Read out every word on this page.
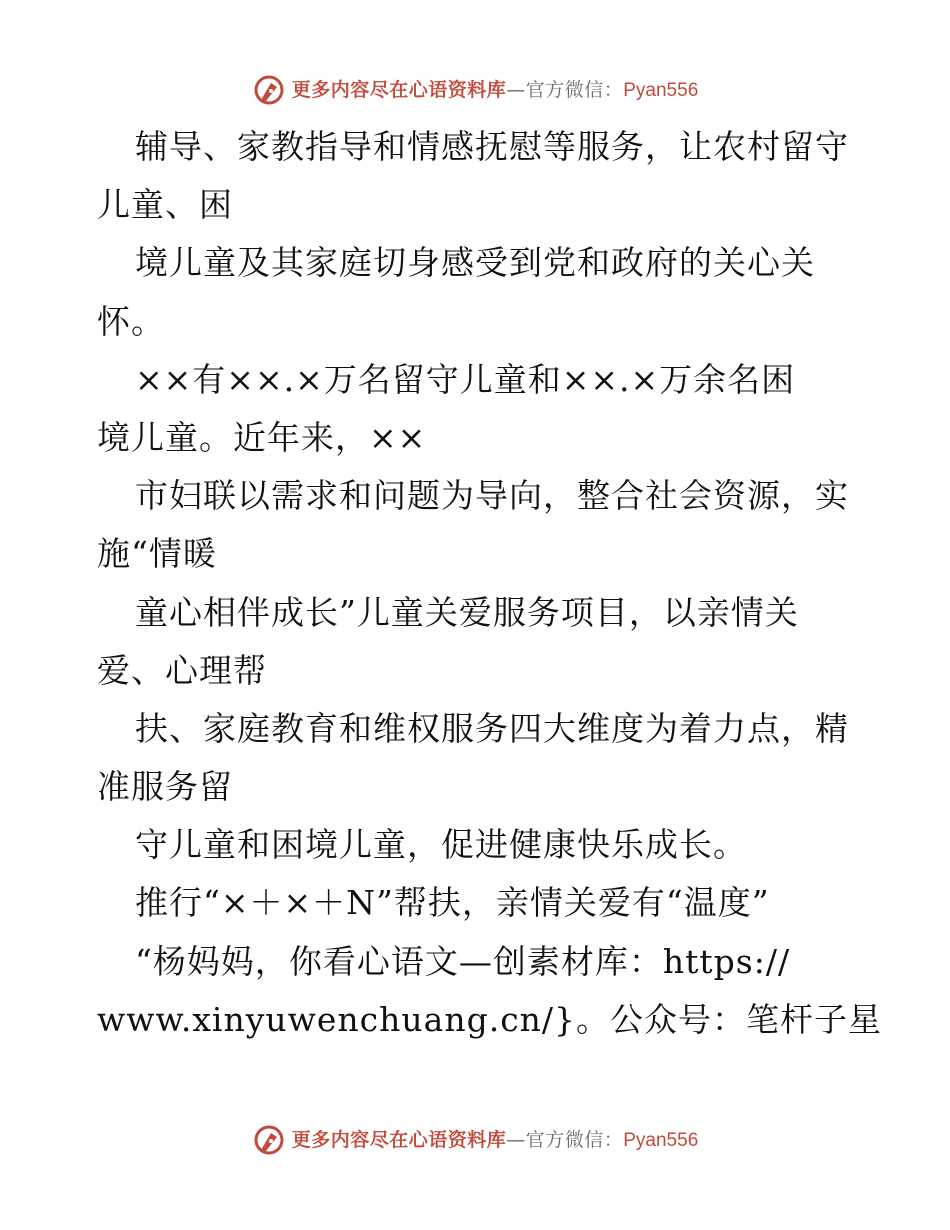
更多内容尽在心语资料库 — 官方微信： Pyan556
辅导、家教指导和情感抚慰等服务，让农村留守
儿童、困
境儿童及其家庭切身感受到党和政府的关心关
怀。
××有××.×万名留守儿童和××.×万余名困
境儿童。近年来，××
市妇联以需求和问题为导向，整合社会资源，实
施“情暖
童心相伴成长”儿童关爱服务项目，以亲情关
爱、心理帮
扶、家庭教育和维权服务四大维度为着力点，精
准服务留
守儿童和困境儿童，促进健康快乐成长。
推行“×＋×＋N”帮扶，亲情关爱有“温度”
“杨妈妈，你看心语文—创素材库：https://
www.xinyuwenchuang.cn/}。公众号：笔杆子星
更多内容尽在心语资料库 — 官方微信： Pyan556
